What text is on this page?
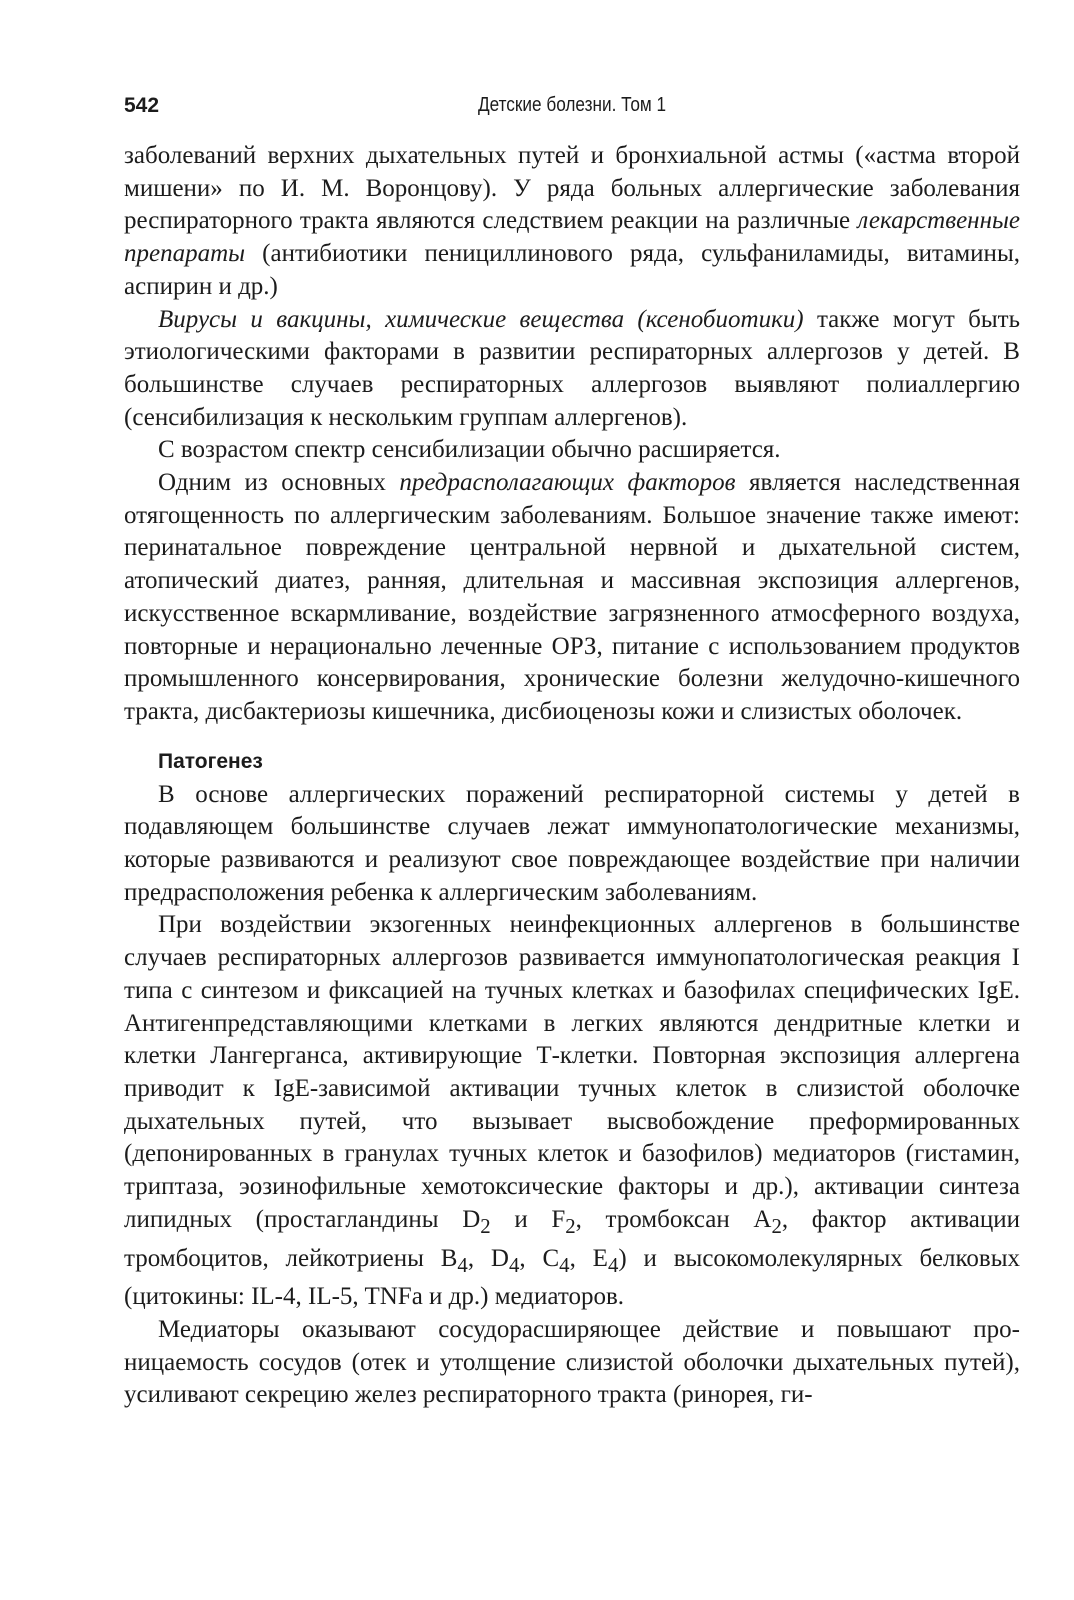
542	Детские болезни. Том 1

заболеваний верхних дыхательных путей и бронхиальной астмы («астма второй мишени» по И. М. Воронцову). У ряда больных аллергические заболевания респираторного тракта являются следствием реакции на различные лекарственные препараты (антибиотики пенициллинового ряда, сульфаниламиды, витамины, аспирин и др.)

Вирусы и вакцины, химические вещества (ксенобиотики) также могут быть этиологическими факторами в развитии респираторных аллергозов у детей. В большинстве случаев респираторных аллергозов выявляют полиаллергию (сенсибилизация к нескольким группам аллергенов).

С возрастом спектр сенсибилизации обычно расширяется.

Одним из основных предрасполагающих факторов является наследственная отягощенность по аллергическим заболеваниям. Большое значение также имеют: перинатальное повреждение центральной нервной и дыхательной систем, атопический диатез, ранняя, длительная и массивная экспозиция аллергенов, искусственное вскармливание, воздействие загрязненного атмосферного воздуха, повторные и нерационально леченные ОРЗ, питание с использованием продуктов промышленного консервирования, хронические болезни желудочно-кишечного тракта, дисбактериозы кишечника, дисбиоценозы кожи и слизистых оболочек.

Патогенез

В основе аллергических поражений респираторной системы у детей в подавляющем большинстве случаев лежат иммунопатологические механизмы, которые развиваются и реализуют свое повреждающее воздействие при наличии предрасположения ребенка к аллергическим заболеваниям.

При воздействии экзогенных неинфекционных аллергенов в большинстве случаев респираторных аллергозов развивается иммунопатологическая реакция I типа с синтезом и фиксацией на тучных клетках и базофилах специфических IgE. Антигенпредставляющими клетками в легких являются дендритные клетки и клетки Лангерганса, активирующие Т-клетки. Повторная экспозиция аллергена приводит к IgE-зависимой активации тучных клеток в слизистой оболочке дыхательных путей, что вызывает высвобождение преформированных (депонированных в гранулах тучных клеток и базофилов) медиаторов (гистамин, триптаза, эозинофильные хемотоксические факторы и др.), активации синтеза липидных (простагландины $D_2$ и $F_2$, тромбоксан $A_2$, фактор активации тромбоцитов, лейкотриены $B_4$, $D_4$, $C_4$, $E_4$) и высокомолекулярных белковых (цитокины: IL-4, IL-5, TNFa и др.) медиаторов.

Медиаторы оказывают сосудорасширяющее действие и повышают проницаемость сосудов (отек и утолщение слизистой оболочки дыхательных путей), усиливают секрецию желез респираторного тракта (ринорея, ги-
